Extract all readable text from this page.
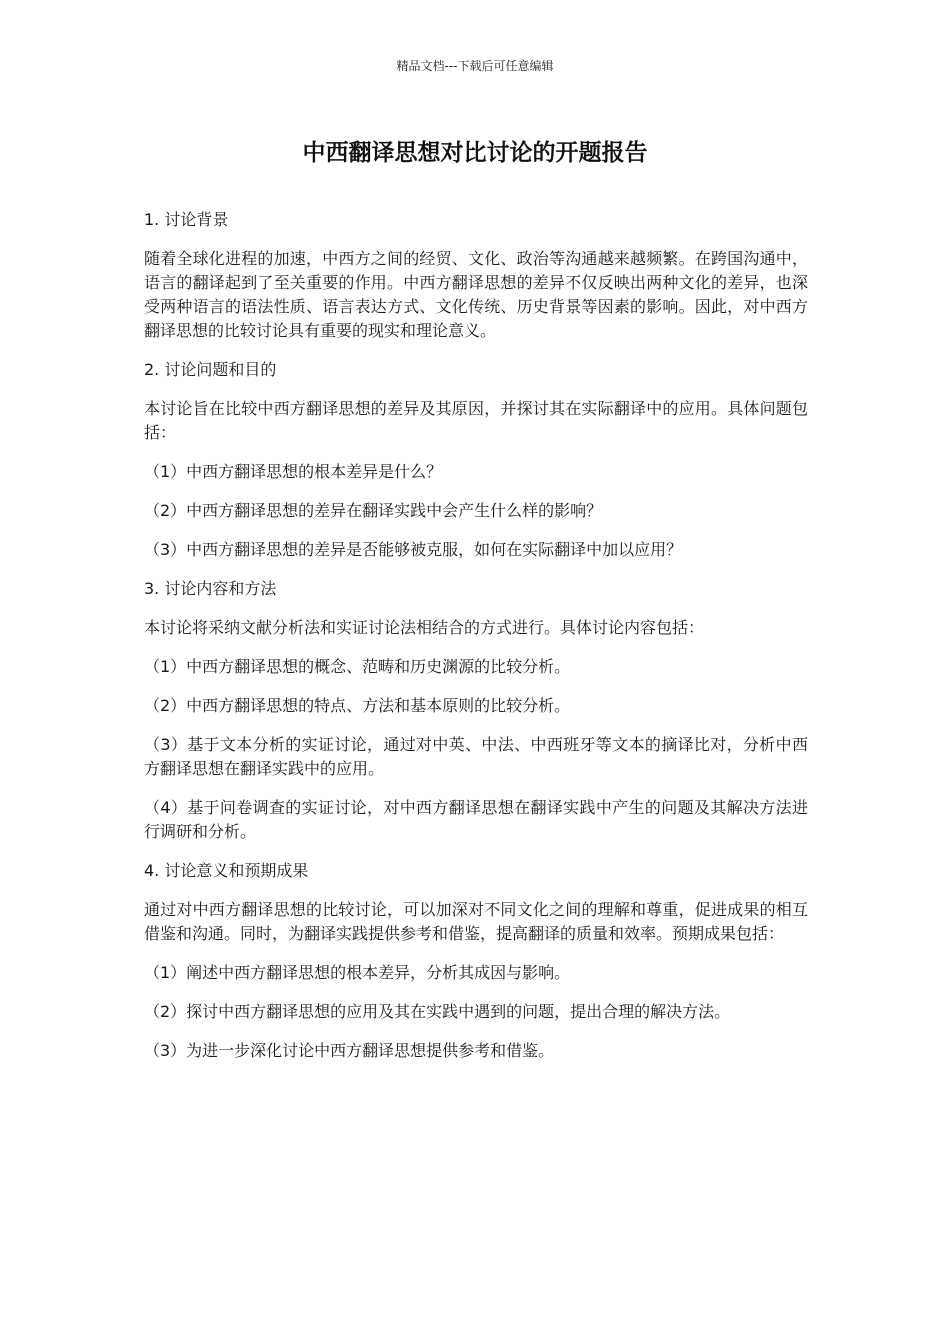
精品文档---下载后可任意编辑
中西翻译思想对比讨论的开题报告

1. 讨论背景

随着全球化进程的加速，中西方之间的经贸、文化、政治等沟通越来越频繁。在跨国沟通中，语言的翻译起到了至关重要的作用。中西方翻译思想的差异不仅反映出两种文化的差异，也深受两种语言的语法性质、语言表达方式、文化传统、历史背景等因素的影响。因此，对中西方翻译思想的比较讨论具有重要的现实和理论意义。

2. 讨论问题和目的

本讨论旨在比较中西方翻译思想的差异及其原因，并探讨其在实际翻译中的应用。具体问题包括：

（1）中西方翻译思想的根本差异是什么？

（2）中西方翻译思想的差异在翻译实践中会产生什么样的影响？

（3）中西方翻译思想的差异是否能够被克服，如何在实际翻译中加以应用？

3. 讨论内容和方法

本讨论将采纳文献分析法和实证讨论法相结合的方式进行。具体讨论内容包括：

（1）中西方翻译思想的概念、范畴和历史渊源的比较分析。

（2）中西方翻译思想的特点、方法和基本原则的比较分析。

（3）基于文本分析的实证讨论，通过对中英、中法、中西班牙等文本的摘译比对，分析中西方翻译思想在翻译实践中的应用。

（4）基于问卷调查的实证讨论，对中西方翻译思想在翻译实践中产生的问题及其解决方法进行调研和分析。

4. 讨论意义和预期成果

通过对中西方翻译思想的比较讨论，可以加深对不同文化之间的理解和尊重，促进成果的相互借鉴和沟通。同时，为翻译实践提供参考和借鉴，提高翻译的质量和效率。预期成果包括：

（1）阐述中西方翻译思想的根本差异，分析其成因与影响。

（2）探讨中西方翻译思想的应用及其在实践中遇到的问题，提出合理的解决方法。

（3）为进一步深化讨论中西方翻译思想提供参考和借鉴。
